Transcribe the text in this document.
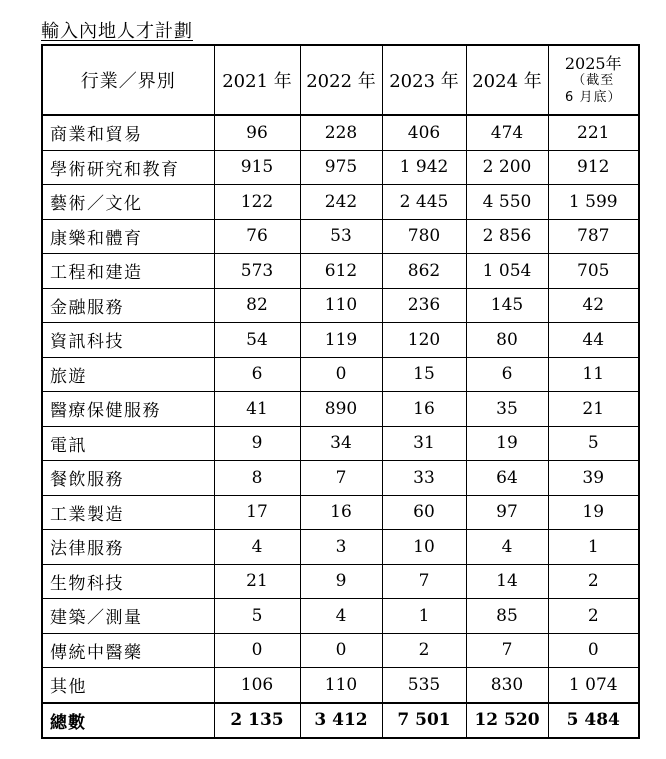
輸入內地人才計劃
行業／界別	2021 年	2022 年	2023 年	2024 年	2025年
（截至
6 月底）

商業和貿易	96	228	406	474	221
學術研究和教育	915	975	1 942	2 200	912
藝術／文化	122	242	2 445	4 550	1 599
康樂和體育	76	53	780	2 856	787
工程和建造	573	612	862	1 054	705
金融服務	82	110	236	145	42
資訊科技	54	119	120	80	44
旅遊	6	0	15	6	11
醫療保健服務	41	890	16	35	21
電訊	9	34	31	19	5
餐飲服務	8	7	33	64	39
工業製造	17	16	60	97	19
法律服務	4	3	10	4	1
生物科技	21	9	7	14	2
建築／測量	5	4	1	85	2
傳統中醫藥	0	0	2	7	0
其他	106	110	535	830	1 074
總數	2 135	3 412	7 501	12 520	5 484
